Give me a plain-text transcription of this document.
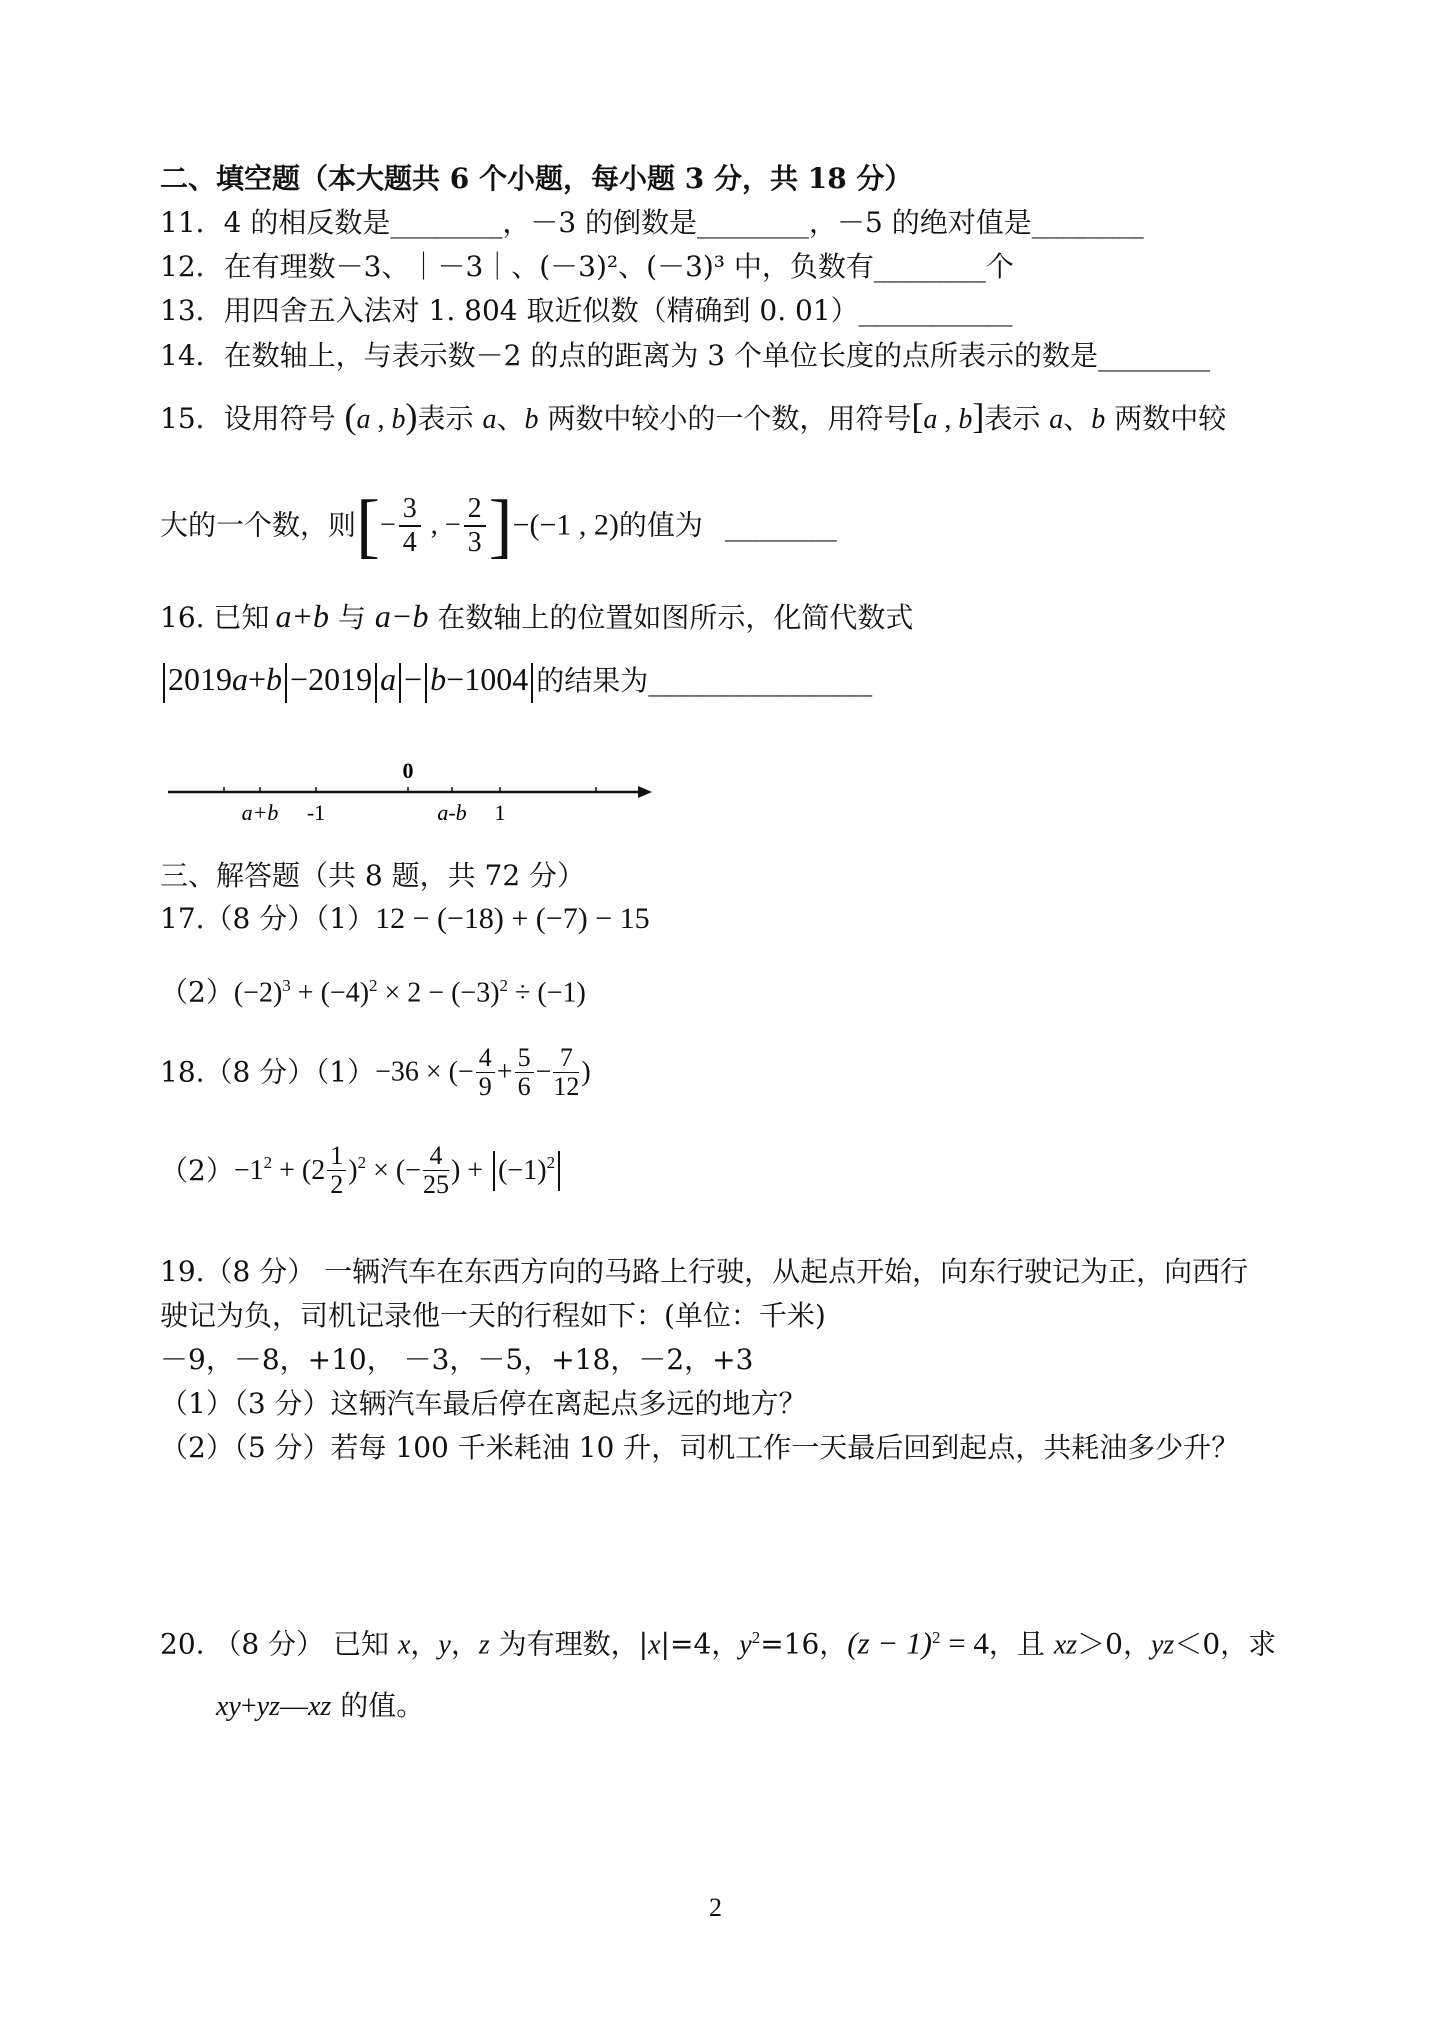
二、填空题（本大题共 6 个小题，每小题 3 分，共 18 分）
11．4 的相反数是________，－3 的倒数是________，－5 的绝对值是________
12．在有理数－3、｜－3｜、(－3)²、(－3)³ 中，负数有________个
13．用四舍五入法对 1. 804 取近似数（精确到 0. 01）___________
14．在数轴上，与表示数－2 的点的距离为 3 个单位长度的点所表示的数是________
15．设用符号 (a , b)表示 a、b 两数中较小的一个数，用符号[a , b]表示 a、b 两数中较
大的一个数，则[− $\frac{3}{4}$ , − $\frac{2}{3} ]-(-1$ , 2)的值为 ________
16. 已知 a+b 与 a−b 在数轴上的位置如图所示，化简代数式
2019a+b −2019 a − b−1004 的结果为________________
0
a+b -1	a-b 1
三、解答题（共 8 题，共 72 分）
17.（8 分）（1）12 − (−18) + (−7) − 15
$(2)(-2)^3 + (-4)^2 \times 2 - (-3)^2 \div (-1)$
18.（8 分）（1）−36 × (− $\frac{4}{9} + \frac{5}{6} - \frac{7}{12}$ )
$(2)-1^2 + (2 \frac{1}{2} )^2$ × (− $\frac{4}{25}$ ) + $(-1)^2$
19.（8 分） 一辆汽车在东西方向的马路上行驶，从起点开始，向东行驶记为正，向西行
驶记为负，司机记录他一天的行程如下：(单位：千米)
－9，－8，+10， －3，－5，+18，－2，+3
（1）（3 分）这辆汽车最后停在离起点多远的地方？
（2）（5 分）若每 100 千米耗油 10 升，司机工作一天最后回到起点，共耗油多少升？
20. （8 分） 已知 x，y，z 为有理数，|x|=4，$y^2=16$，$(z - 1)^2 = 4$，且 xz＞0，yz＜0，求
xy+yz—xz 的值。
2
